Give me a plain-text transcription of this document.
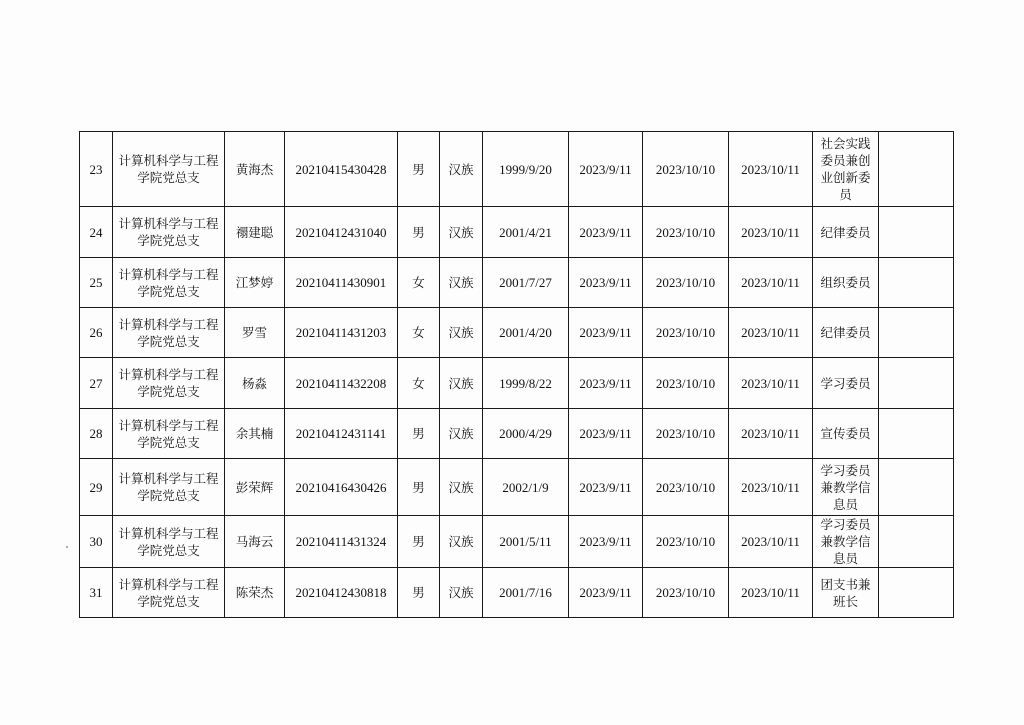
23	计算机科学与工程学院党总支	黄海杰	20210415430428	男	汉族	1999/9/20	2023/9/11	2023/10/10	2023/10/11	社会实践委员兼创业创新委员	
24	计算机科学与工程学院党总支	禤建聪	20210412431040	男	汉族	2001/4/21	2023/9/11	2023/10/10	2023/10/11	纪律委员	
25	计算机科学与工程学院党总支	江梦婷	20210411430901	女	汉族	2001/7/27	2023/9/11	2023/10/10	2023/10/11	组织委员	
26	计算机科学与工程学院党总支	罗雪	20210411431203	女	汉族	2001/4/20	2023/9/11	2023/10/10	2023/10/11	纪律委员	
27	计算机科学与工程学院党总支	杨淼	20210411432208	女	汉族	1999/8/22	2023/9/11	2023/10/10	2023/10/11	学习委员	
28	计算机科学与工程学院党总支	余其楠	20210412431141	男	汉族	2000/4/29	2023/9/11	2023/10/10	2023/10/11	宣传委员	
29	计算机科学与工程学院党总支	彭荣辉	20210416430426	男	汉族	2002/1/9	2023/9/11	2023/10/10	2023/10/11	学习委员兼教学信息员	
30	计算机科学与工程学院党总支	马海云	20210411431324	男	汉族	2001/5/11	2023/9/11	2023/10/10	2023/10/11	学习委员兼教学信息员	
31	计算机科学与工程学院党总支	陈荣杰	20210412430818	男	汉族	2001/7/16	2023/9/11	2023/10/10	2023/10/11	团支书兼班长	
